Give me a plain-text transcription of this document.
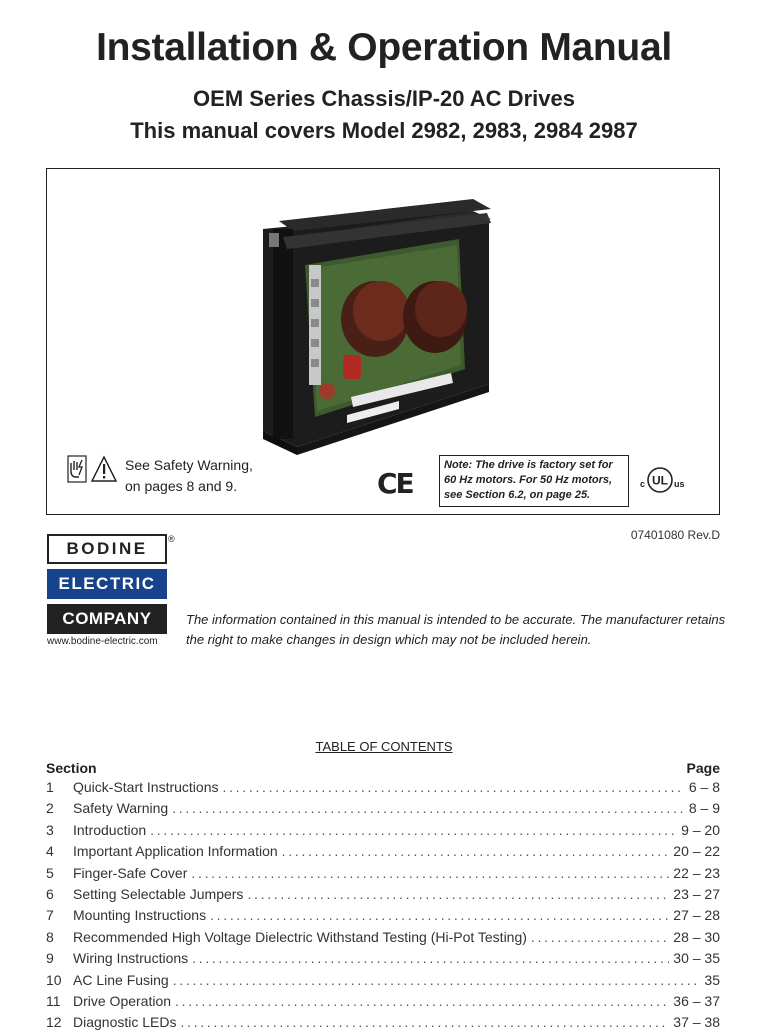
Installation & Operation Manual
OEM Series Chassis/IP-20 AC Drives
This manual covers Model 2982, 2983, 2984 2987
See Safety Warning,
on pages 8 and 9.	CE
Note: The drive is factory set for 60 Hz motors. For 50 Hz motors, see Section 6.2, on page 25.
c UL us
07401080 Rev.D
BODINE
ELECTRIC
COMPANY
®
www.bodine-electric.com
The information contained in this manual is intended to be accurate. The manufacturer retains the right to make changes in design which may not be included herein.
TABLE OF CONTENTS
Section	Page
1	Quick-Start Instructions .....	6 – 8
2	Safety Warning .....	8 – 9
3	Introduction .....	9 – 20
4	Important Application Information .....	20 – 22
5	Finger-Safe Cover .....	22 – 23
6	Setting Selectable Jumpers .....	23 – 27
7	Mounting Instructions .....	27 – 28
8	Recommended High Voltage Dielectric Withstand Testing (Hi-Pot Testing) .....	28 – 30
9	Wiring Instructions .....	30 – 35
10 AC Line Fusing .....	35
11 Drive Operation .....	36 – 37
12 Diagnostic LEDs .....	37 – 38
